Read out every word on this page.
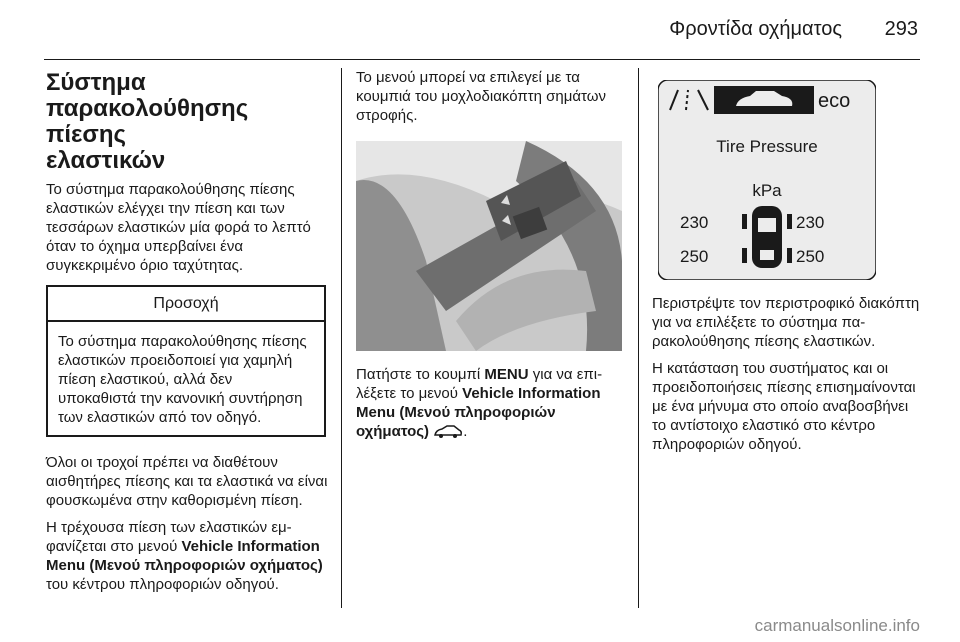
Φροντίδα οχήματος 293
Σύστημα
παρακολούθησης πίεσης
ελαστικών

Το σύστημα παρακολούθησης πίεσης ελαστικών ελέγχει την πίεση και των τεσσάρων ελαστικών μία φορά το λεπτό όταν το όχημα υπερβαίνει ένα συγκεκριμένο όριο ταχύτητας.

Προσοχή
Το σύστημα παρακολούθησης πίεσης ελαστικών προειδοποιεί για χαμηλή πίεση ελαστικού, αλλά δεν υποκαθιστά την κανονική συντήρηση των ελαστικών από τον οδηγό.

Όλοι οι τροχοί πρέπει να διαθέτουν αισθητήρες πίεσης και τα ελαστικά να είναι φουσκωμένα στην καθορισμένη πίεση.

Η τρέχουσα πίεση των ελαστικών εμφανίζεται στο μενού Vehicle Information Menu (Μενού πληροφοριών οχήματος) του κέντρου πληροφοριών οδηγού.

Το μενού μπορεί να επιλεγεί με τα κουμπιά του μοχλοδιακόπτη σημάτων στροφής.

Πατήστε το κουμπί MENU για να επιλέξετε το μενού Vehicle Information Menu (Μενού πληροφοριών οχήματος) .

eco
Tire Pressure
kPa
230	230
250	250

Περιστρέψτε τον περιστροφικό διακόπτη για να επιλέξετε το σύστημα παρακολούθησης πίεσης ελαστικών.

Η κατάσταση του συστήματος και οι προειδοποιήσεις πίεσης επισημαίνονται με ένα μήνυμα στο οποίο αναβοσβήνει το αντίστοιχο ελαστικό στο κέντρο πληροφοριών οδηγού.

carmanualsonline.info
